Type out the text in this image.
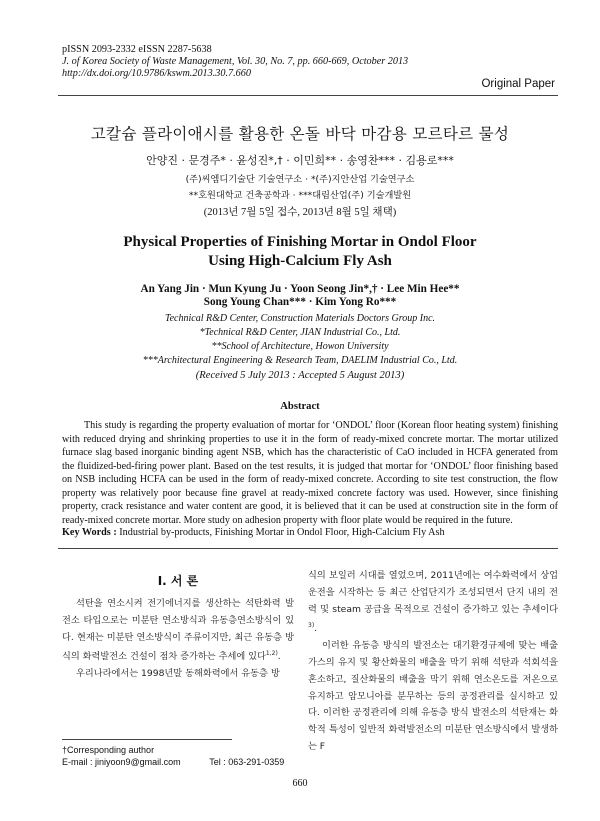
pISSN 2093-2332 eISSN 2287-5638
J. of Korea Society of Waste Management, Vol. 30, No. 7, pp. 660-669, October 2013
http://dx.doi.org/10.9786/kswm.2013.30.7.660
Original Paper
고칼슘 플라이애시를 활용한 온돌 바닥 마감용 모르타르 물성
안양진 · 문경주* · 윤성진*,† · 이민희** · 송영찬*** · 김용로***
(주)씨엠디기술단 기술연구소 · *(주)지안산업 기술연구소
**호원대학교 건축공학과 · ***대림산업(주) 기술개발원
(2013년 7월 5일 접수, 2013년 8월 5일 채택)
Physical Properties of Finishing Mortar in Ondol Floor
Using High-Calcium Fly Ash
An Yang Jin · Mun Kyung Ju · Yoon Seong Jin*,† · Lee Min Hee**
Song Young Chan*** · Kim Yong Ro***
Technical R&D Center, Construction Materials Doctors Group Inc.
*Technical R&D Center, JIAN Industrial Co., Ltd.
**School of Architecture, Howon University
***Architectural Engineering & Research Team, DAELIM Industrial Co., Ltd.
(Received 5 July 2013 : Accepted 5 August 2013)
Abstract

This study is regarding the property evaluation of mortar for ‘ONDOL’ floor (Korean floor heating system) finishing with reduced drying and shrinking properties to use it in the form of ready-mixed concrete mortar. The mortar utilized furnace slag based inorganic binding agent NSB, which has the characteristic of CaO included in HCFA generated from the fluidized-bed-firing power plant. Based on the test results, it is judged that mortar for ‘ONDOL’ floor finishing based on NSB including HCFA can be used in the form of ready-mixed concrete. According to site test construction, the flow property was relatively poor because fine gravel at ready-mixed concrete factory was used. However, since finishing property, crack resistance and water content are good, it is believed that it can be used at construction site in the form of ready-mixed concrete mortar. More study on adhesion property with floor plate would be required in the future.

Key Words : Industrial by-products, Finishing Mortar in Ondol Floor, High-Calcium Fly Ash
I. 서 론

석탄을 연소시켜 전기에너지를 생산하는 석탄화력 발전소 타입으로는 미분탄 연소방식과 유동층연소방식이 있다. 현재는 미분탄 연소방식이 주류이지만, 최근 유동층 방식의 화력발전소 건설이 점차 증가하는 추세에 있다$^{1,2)}$.

우리나라에서는 1998년말 동해화력에서 유동층 방

식의 보일러 시대를 열었으며, 2011년에는 여수화력에서 상업운전을 시작하는 등 최근 산업단지가 조성되면서 단지 내의 전력 및 steam 공급을 목적으로 건설이 증가하고 있는 추세이다$^{3)}$.

이러한 유동층 방식의 발전소는 대기환경규제에 맞는 배출가스의 유지 및 황산화물의 배출을 막기 위해 석탄과 석회석을 혼소하고, 질산화물의 배출을 막기 위해 연소온도를 저온으로 유지하고 암모니아를 분무하는 등의 공정관리를 실시하고 있다. 이러한 공정관리에 의해 유동층 방식 발전소의 석탄재는 화학적 특성이 일반적 화력발전소의 미분탄 연소방식에서 발생하는 F

†Corresponding author
E-mail : jiniyoon9@gmail.com	Tel : 063-291-0359
660
